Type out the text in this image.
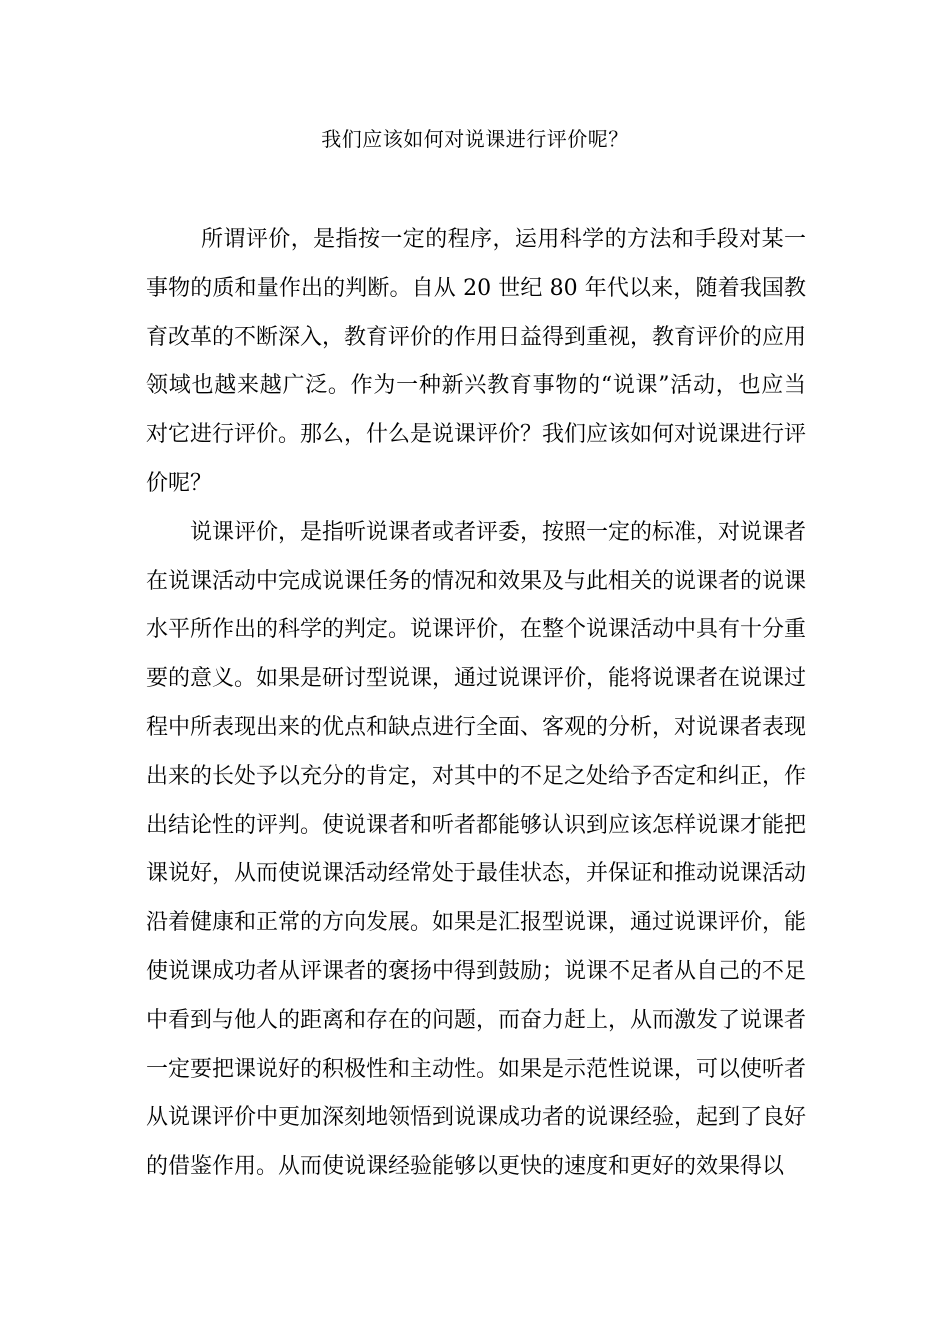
我们应该如何对说课进行评价呢？

所谓评价，是指按一定的程序，运用科学的方法和手段对某一事物的质和量作出的判断。自从 20 世纪 80 年代以来，随着我国教育改革的不断深入，教育评价的作用日益得到重视，教育评价的应用领域也越来越广泛。作为一种新兴教育事物的“说课”活动，也应当对它进行评价。那么，什么是说课评价？我们应该如何对说课进行评价呢？

说课评价，是指听说课者或者评委，按照一定的标准，对说课者在说课活动中完成说课任务的情况和效果及与此相关的说课者的说课水平所作出的科学的判定。说课评价，在整个说课活动中具有十分重要的意义。如果是研讨型说课，通过说课评价，能将说课者在说课过程中所表现出来的优点和缺点进行全面、客观的分析，对说课者表现出来的长处予以充分的肯定，对其中的不足之处给予否定和纠正，作出结论性的评判。使说课者和听者都能够认识到应该怎样说课才能把课说好，从而使说课活动经常处于最佳状态，并保证和推动说课活动沿着健康和正常的方向发展。如果是汇报型说课，通过说课评价，能使说课成功者从评课者的褒扬中得到鼓励；说课不足者从自己的不足中看到与他人的距离和存在的问题，而奋力赶上，从而激发了说课者一定要把课说好的积极性和主动性。如果是示范性说课，可以使听者从说课评价中更加深刻地领悟到说课成功者的说课经验，起到了良好的借鉴作用。从而使说课经验能够以更快的速度和更好的效果得以
